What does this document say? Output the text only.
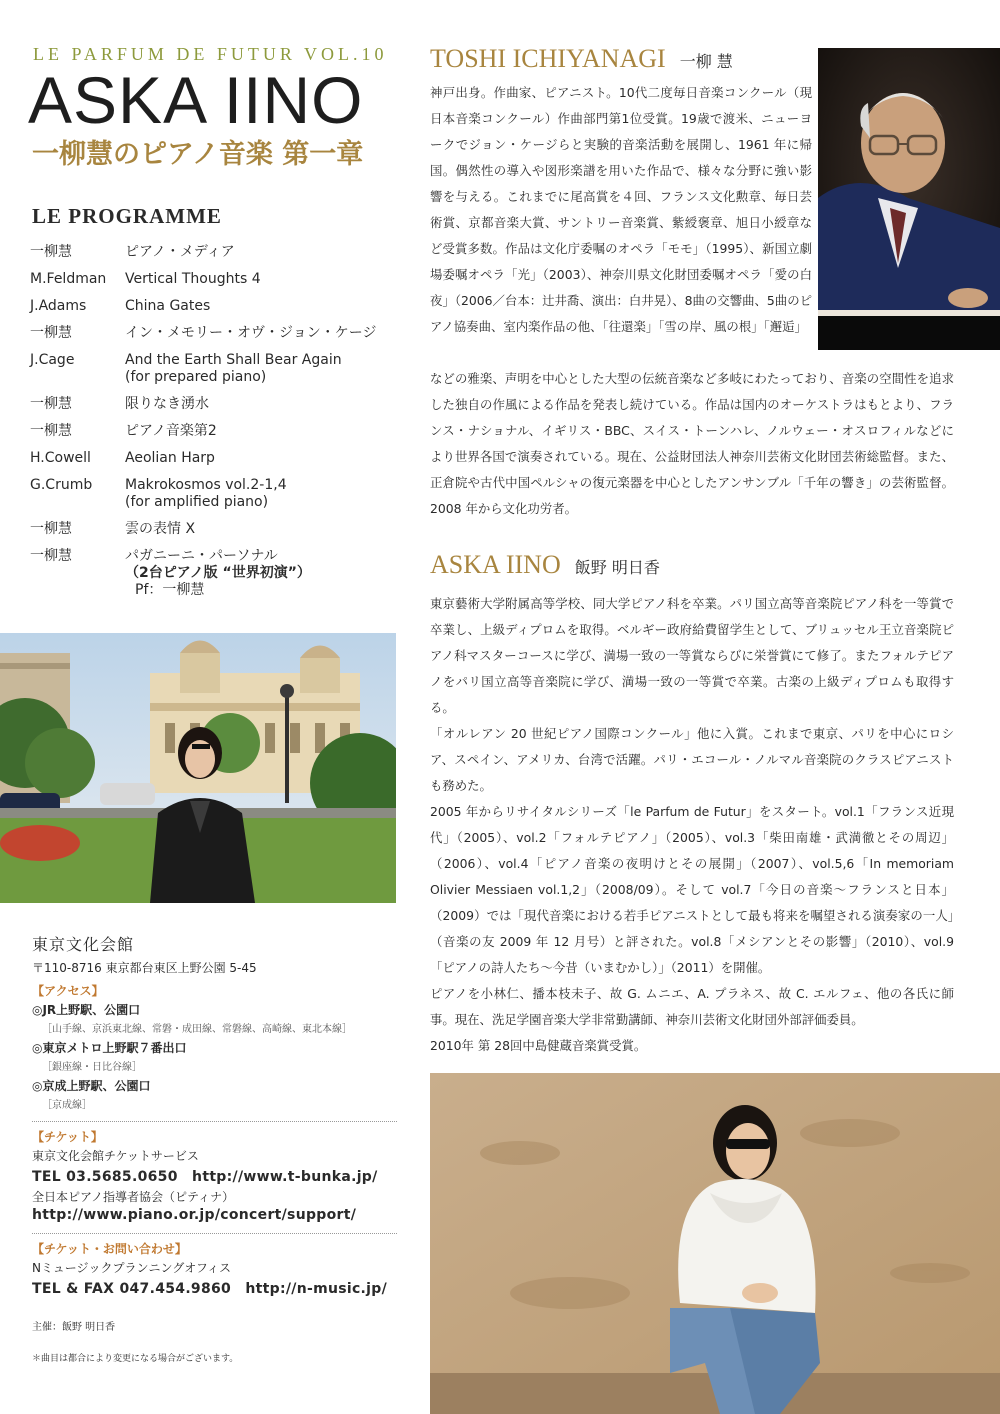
LE PARFUM DE FUTUR VOL.10
ASKA IINO
一柳慧のピアノ音楽 第一章
LE PROGRAMME
一柳慧	ピアノ・メディア
M.Feldman	Vertical Thoughts 4
J.Adams	China Gates
一柳慧	イン・メモリー・オヴ・ジョン・ケージ
J.Cage	And the Earth Shall Bear Again
(for prepared piano)
一柳慧	限りなき湧水
一柳慧	ピアノ音楽第2
H.Cowell	Aeolian Harp
G.Crumb	Makrokosmos vol.2-1,4
(for amplified piano)
一柳慧	雲の表情 X
一柳慧	パガニーニ・パーソナル
（2台ピアノ版 “世界初演”）
Pf：一柳慧
東京文化会館
〒110-8716 東京都台東区上野公園 5-45
【アクセス】
◎JR上野駅、公園口
［山手線、京浜東北線、常磐・成田線、常磐線、高崎線、東北本線］
◎東京メトロ上野駅７番出口
［銀座線・日比谷線］
◎京成上野駅、公園口
［京成線］
【チケット】
東京文化会館チケットサービス
TEL 03.5685.0650　http://www.t-bunka.jp/
全日本ピアノ指導者協会（ピティナ）
http://www.piano.or.jp/concert/support/
【チケット・お問い合わせ】
Nミュージックプランニングオフィス
TEL & FAX 047.454.9860　http://n-music.jp/
主催：飯野 明日香
＊曲目は都合により変更になる場合がございます。
TOSHI ICHIYANAGI 一柳 慧

神戸出身。作曲家、ピアニスト。10代二度毎日音楽コンクール（現日本音楽コンクール）作曲部門第1位受賞。19歳で渡米、ニューヨークでジョン・ケージらと実験的音楽活動を展開し、1961 年に帰国。偶然性の導入や図形楽譜を用いた作品で、様々な分野に強い影響を与える。これまでに尾高賞を４回、フランス文化勲章、毎日芸術賞、京都音楽大賞、サントリー音楽賞、紫綬褒章、旭日小綬章など受賞多数。作品は文化庁委嘱のオペラ「モモ」（1995）、新国立劇場委嘱オペラ「光」（2003）、神奈川県文化財団委嘱オペラ「愛の白夜」（2006／台本：辻井喬、演出：白井晃）、8曲の交響曲、5曲のピアノ協奏曲、室内楽作品の他、「往還楽」「雪の岸、風の根」「邂逅」

などの雅楽、声明を中心とした大型の伝統音楽など多岐にわたっており、音楽の空間性を追求した独自の作風による作品を発表し続けている。作品は国内のオーケストラはもとより、フランス・ナショナル、イギリス・BBC、スイス・トーンハレ、ノルウェー・オスロフィルなどにより世界各国で演奏されている。現在、公益財団法人神奈川芸術文化財団芸術総監督。また、正倉院や古代中国ペルシャの復元楽器を中心としたアンサンブル「千年の響き」の芸術監督。2008 年から文化功労者。

ASKA IINO 飯野 明日香

東京藝術大学附属高等学校、同大学ピアノ科を卒業。パリ国立高等音楽院ピアノ科を一等賞で卒業し、上級ディプロムを取得。ベルギー政府給費留学生として、ブリュッセル王立音楽院ピアノ科マスターコースに学び、満場一致の一等賞ならびに栄誉賞にて修了。またフォルテピアノをパリ国立高等音楽院に学び、満場一致の一等賞で卒業。古楽の上級ディプロムも取得する。

「オルレアン 20 世紀ピアノ国際コンクール」他に入賞。これまで東京、パリを中心にロシア、スペイン、アメリカ、台湾で活躍。パリ・エコール・ノルマル音楽院のクラスピアニストも務めた。

2005 年からリサイタルシリーズ「le Parfum de Futur」をスタート。vol.1「フランス近現代」（2005）、vol.2「フォルテピアノ」（2005）、vol.3「柴田南雄・武満徹とその周辺」（2006）、vol.4「ピアノ音楽の夜明けとその展開」（2007）、vol.5,6「In memoriam Olivier Messiaen vol.1,2」（2008/09）。そして vol.7「今日の音楽～フランスと日本」（2009）では「現代音楽における若手ピアニストとして最も将来を嘱望される演奏家の一人」（音楽の友 2009 年 12 月号）と評された。vol.8「メシアンとその影響」（2010）、vol.9「ピアノの詩人たち～今昔（いまむかし）」（2011）を開催。

ピアノを小林仁、播本枝未子、故 G. ムニエ、A. プラネス、故 C. エルフェ、他の各氏に師事。現在、洗足学園音楽大学非常勤講師、神奈川芸術文化財団外部評価委員。

2010年 第 28回中島健蔵音楽賞受賞。
